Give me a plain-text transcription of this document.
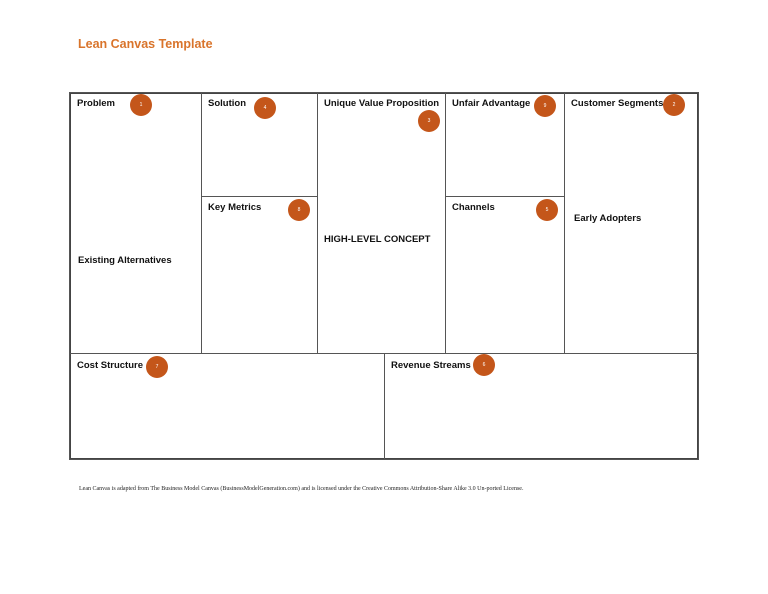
Lean Canvas Template
Problem	1
Existing Alternatives
Solution	4
Key Metrics	8
Unique Value Proposition
3
HIGH-LEVEL CONCEPT
Unfair Advantage	9
Channels	5
Customer Segments	2
Early Adopters
Cost Structure	7	Revenue Streams	6
Lean Canvas is adapted from The Business Model Canvas (BusinessModelGeneration.com) and is licensed under the Creative Commons Attribution-Share Alike 3.0 Un-ported License.
